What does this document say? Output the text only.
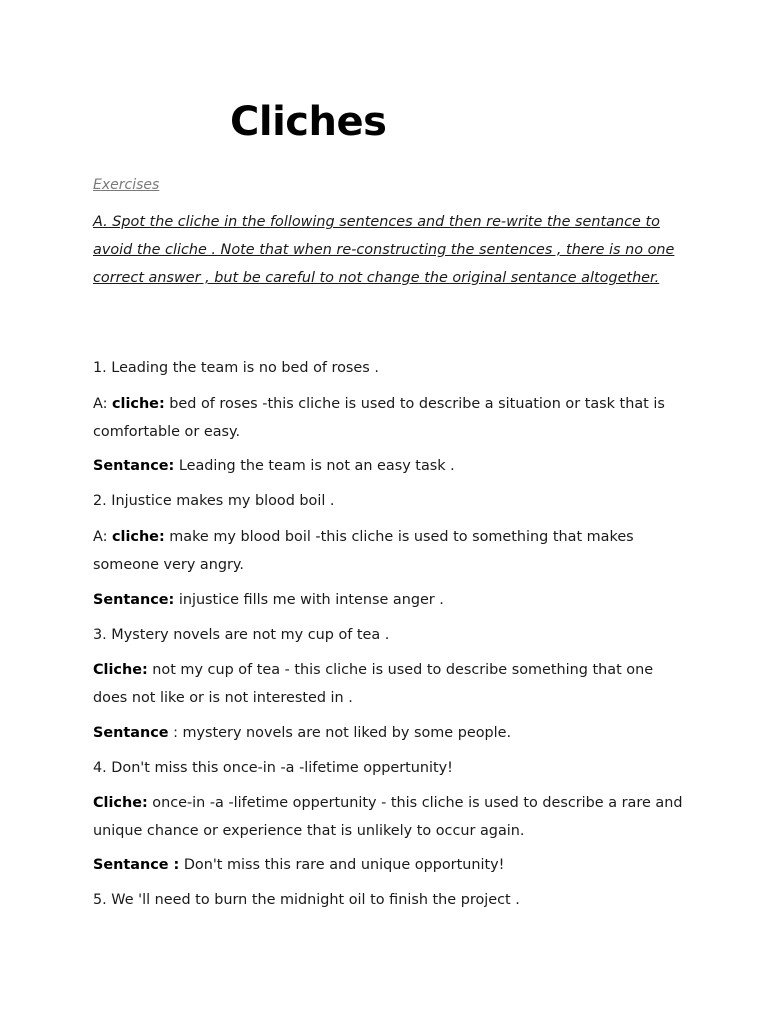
Cliches
Exercises

A. Spot the cliche in the following sentences and then re-write the sentance to avoid the cliche . Note that when re-constructing the sentences , there is no one correct answer , but be careful to not change the original sentance altogether.

1. Leading the team is no bed of roses .

A: cliche: bed of roses -this cliche is used to describe a situation or task that is comfortable or easy.

Sentance: Leading the team is not an easy task .

2. Injustice makes my blood boil .

A: cliche: make my blood boil -this cliche is used to something that makes someone very angry.

Sentance: injustice fills me with intense anger .

3. Mystery novels are not my cup of tea .

Cliche: not my cup of tea - this cliche is used to describe something that one does not like or is not interested in .

Sentance : mystery novels are not liked by some people.

4. Don't miss this once-in -a -lifetime oppertunity!

Cliche: once-in -a -lifetime oppertunity - this cliche is used to describe a rare and unique chance or experience that is unlikely to occur again.

Sentance : Don't miss this rare and unique opportunity!

5. We 'll need to burn the midnight oil to finish the project .
